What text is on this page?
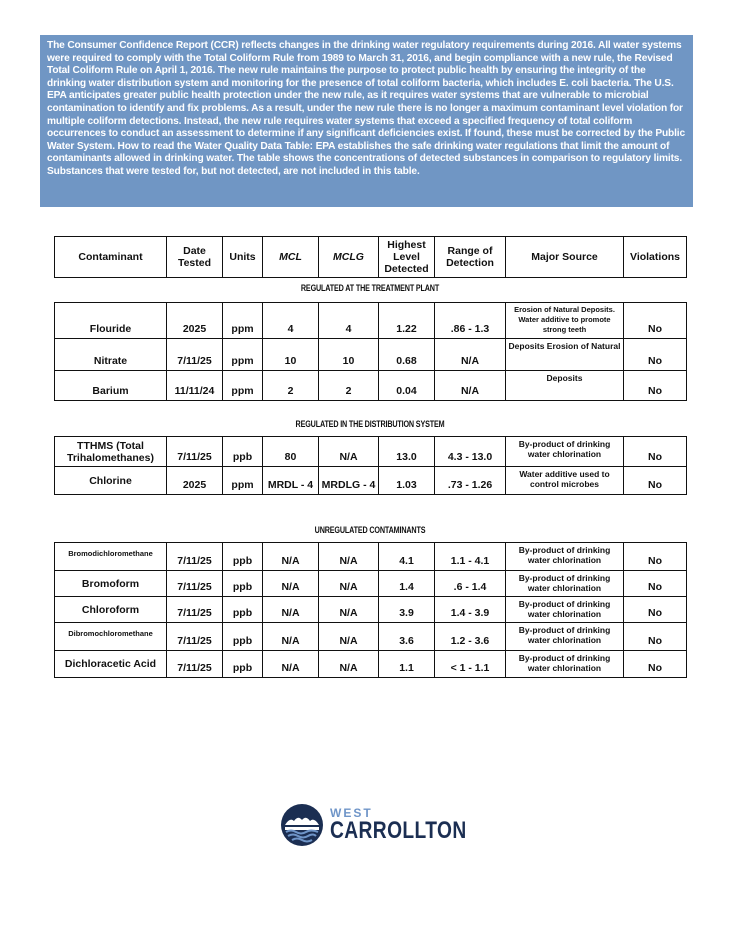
The Consumer Confidence Report (CCR) reflects changes in the drinking water regulatory requirements during 2016. All water systems were required to comply with the Total Coliform Rule from 1989 to March 31, 2016, and begin compliance with a new rule, the Revised Total Coliform Rule on April 1, 2016. The new rule maintains the purpose to protect public health by ensuring the integrity of the drinking water distribution system and monitoring for the presence of total coliform bacteria, which includes E. coli bacteria. The U.S. EPA anticipates greater public health protection under the new rule, as it requires water systems that are vulnerable to microbial contamination to identify and fix problems. As a result, under the new rule there is no longer a maximum contaminant level violation for multiple coliform detections. Instead, the new rule requires water systems that exceed a specified frequency of total coliform occurrences to conduct an assessment to determine if any significant deficiencies exist. If found, these must be corrected by the Public Water System. How to read the Water Quality Data Table: EPA establishes the safe drinking water regulations that limit the amount of contaminants allowed in drinking water. The table shows the concentrations of detected substances in comparison to regulatory limits. Substances that were tested for, but not detected, are not included in this table.
Contaminant	Date Tested	Units	MCL	MCLG	Highest Level Detected	Range of Detection	Major Source	Violations
REGULATED AT THE TREATMENT PLANT
Flouride	2025	ppm	4	4	1.22	.86 - 1.3	Erosion of Natural Deposits. Water additive to promote strong teeth	No
Nitrate	7/11/25	ppm	10	10	0.68	N/A	Deposits Erosion of Natural	No
Barium	11/11/24	ppm	2	2	0.04	N/A	Deposits	No
REGULATED IN THE DISTRIBUTION SYSTEM
TTHMS (Total Trihalomethanes)	7/11/25	ppb	80	N/A	13.0	4.3 - 13.0	By-product of drinking water chlorination	No
Chlorine	2025	ppm	MRDL - 4	MRDLG - 4	1.03	.73 - 1.26	Water additive used to control microbes	No
UNREGULATED CONTAMINANTS
Bromodichloromethane	7/11/25	ppb	N/A	N/A	4.1	1.1 - 4.1	By-product of drinking water chlorination	No
Bromoform	7/11/25	ppb	N/A	N/A	1.4	.6 - 1.4	By-product of drinking water chlorination	No
Chloroform	7/11/25	ppb	N/A	N/A	3.9	1.4 - 3.9	By-product of drinking water chlorination	No
Dibromochloromethane	7/11/25	ppb	N/A	N/A	3.6	1.2 - 3.6	By-product of drinking water chlorination	No
Dichloracetic Acid	7/11/25	ppb	N/A	N/A	1.1	< 1 - 1.1	By-product of drinking water chlorination	No
WEST
CARROLLTON
